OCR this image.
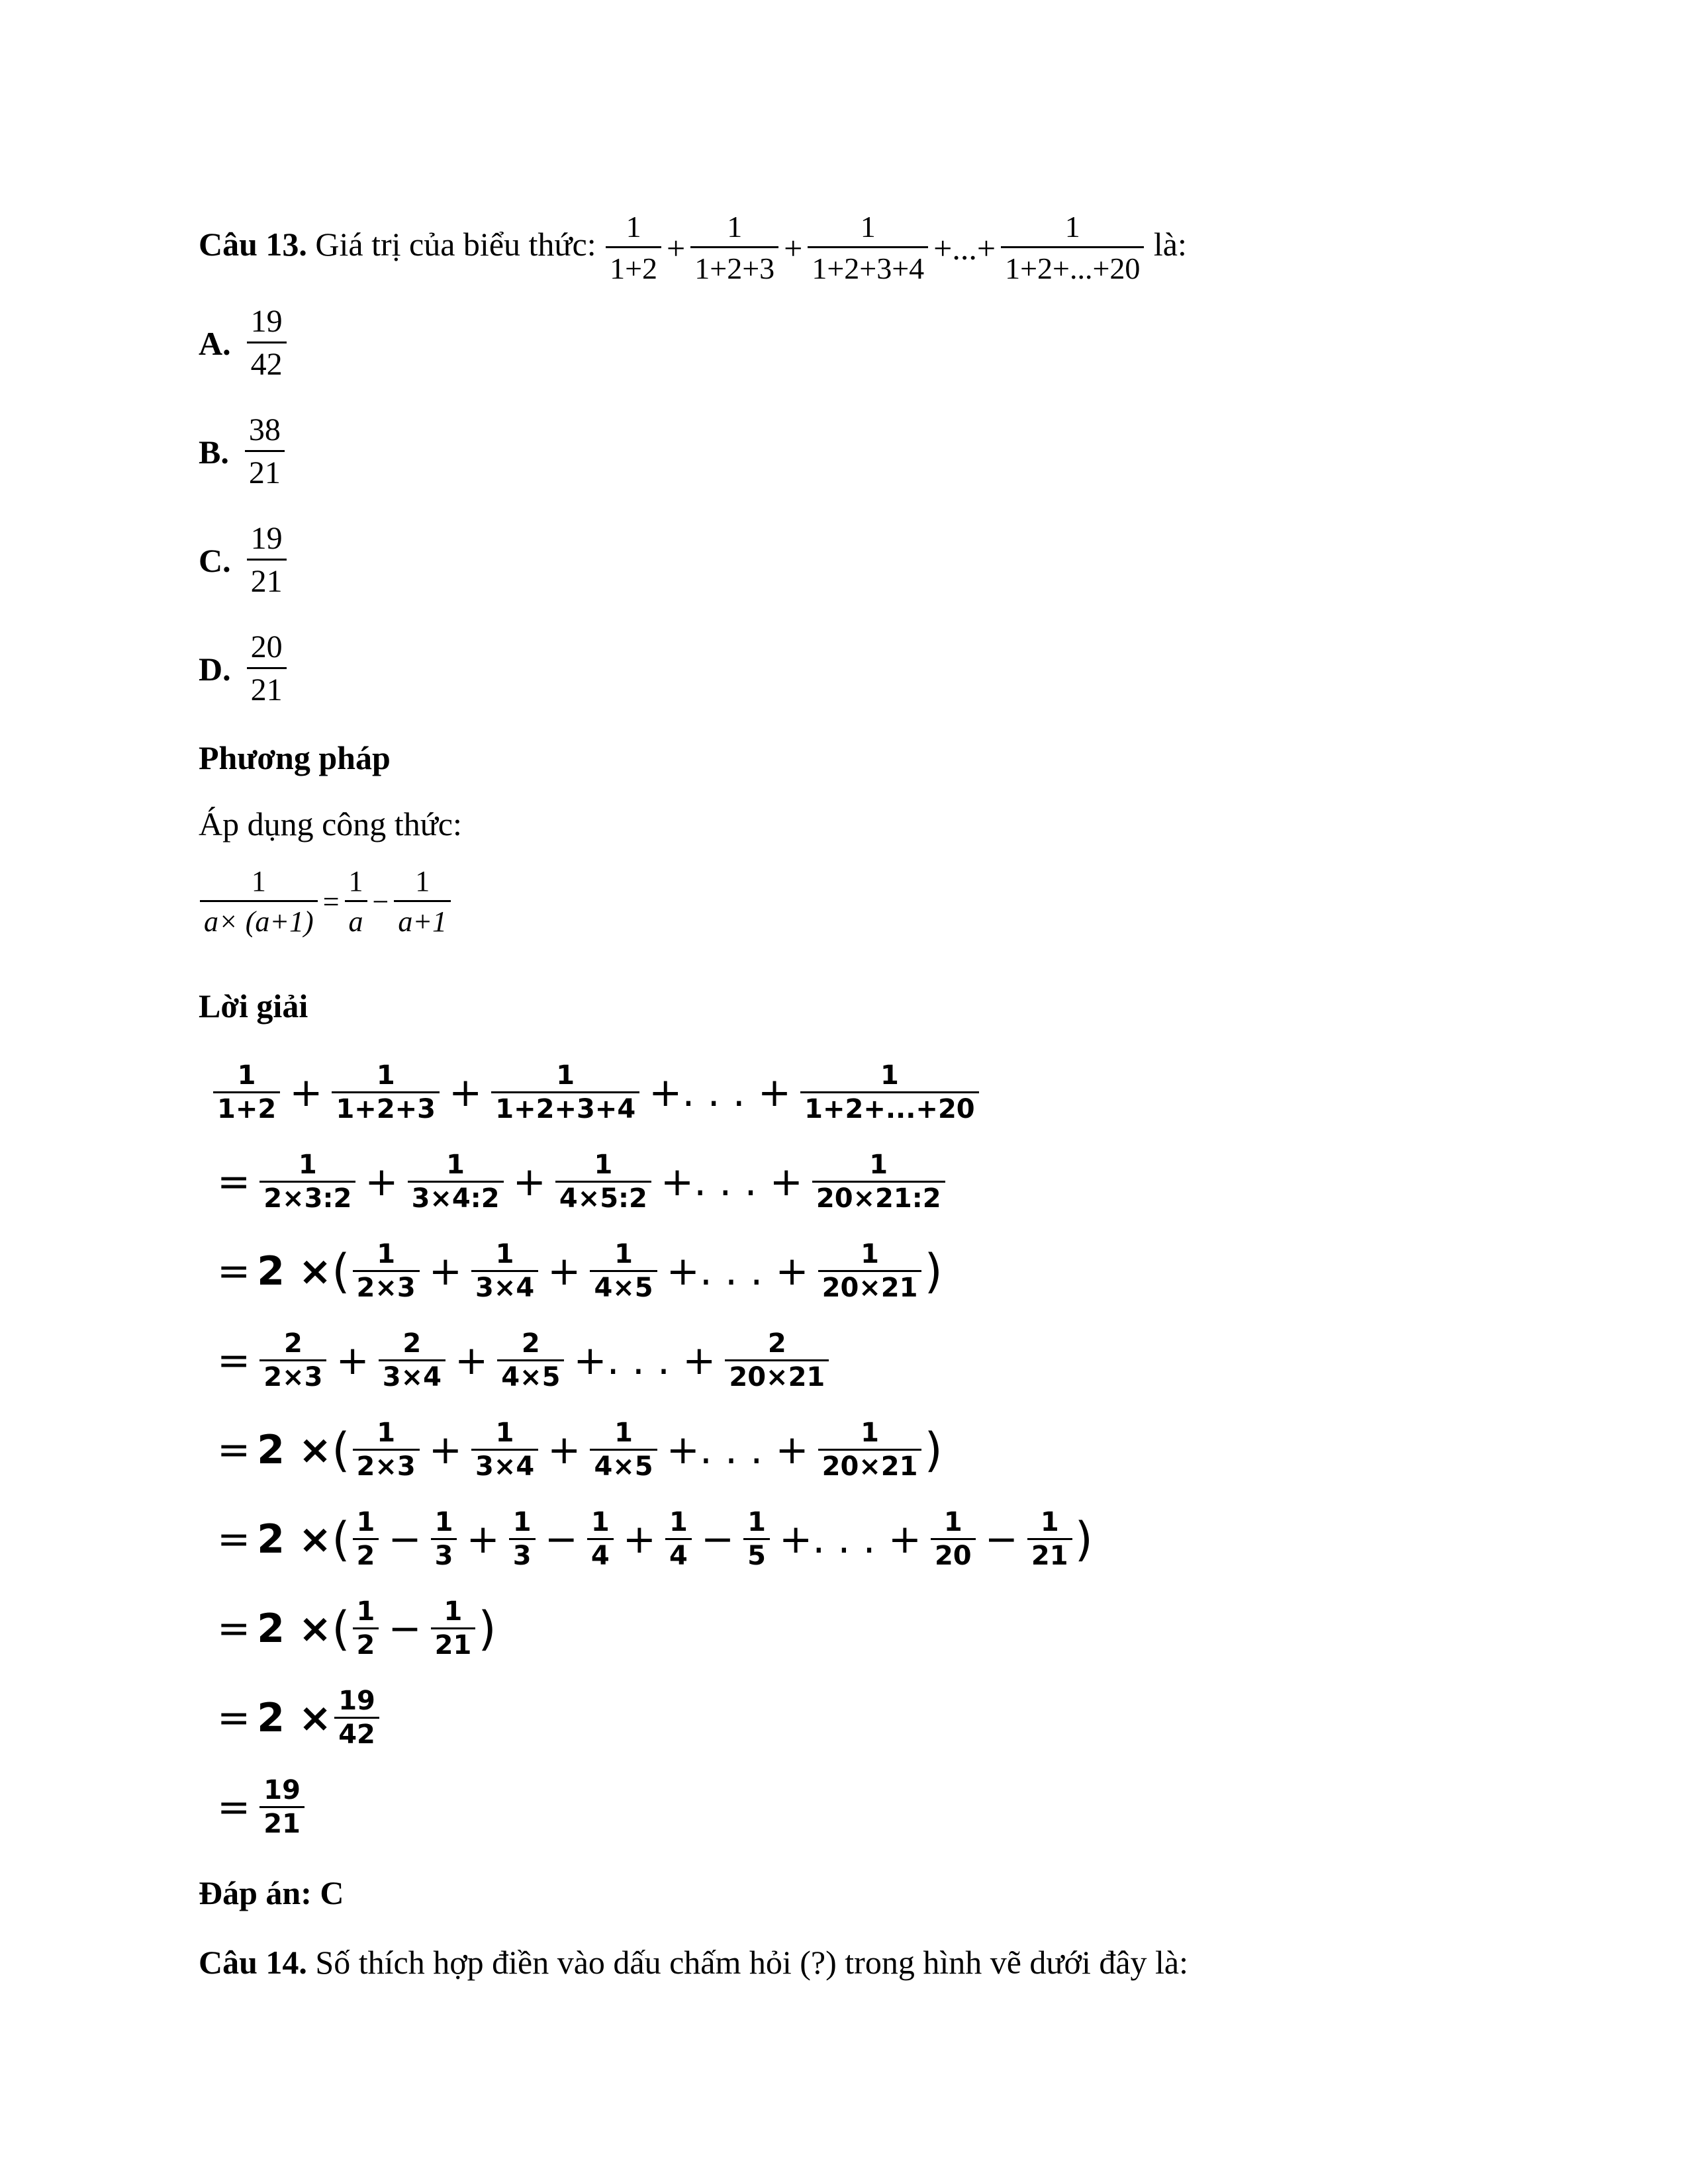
Câu 13. Giá trị của biểu thức: $\frac{1}{1+2} + \frac{1}{1+2+3} + \frac{1}{1+2+3+4}$ +...+ $\frac{1}{1+2+...+20}$ là:
A. $\frac{19}{42}$
B. $\frac{38}{21}$
C. $\frac{19}{21}$
D. $\frac{20}{21}$
Phương pháp
Áp dụng công thức:
$\frac{1}{a\times (a+1)} = \frac{1}{a} - \frac{1}{a+1}$
Lời giải
$\frac{1}{1+2} + \frac{1}{1+2+3} + \frac{1}{1+2+3+4}$ +. . . + $\frac{1}{1+2+...+20}$
= $\frac{1}{2\times 3:2} + \frac{1}{3\times 4:2} + \frac{1}{4\times 5:2}$ +. . . + $\frac{1}{20\times 21:2}$
= 2 × ( $\frac{1}{2\times 3} + \frac{1}{3\times 4} + \frac{1}{4\times 5}$ +. . . + $\frac{1}{20\times 21}$ )
= $\frac{2}{2\times 3} + \frac{2}{3\times 4} + \frac{2}{4\times 5}$ +. . . + $\frac{2}{20\times 21}$
= 2 × ( $\frac{1}{2\times 3} + \frac{1}{3\times 4} + \frac{1}{4\times 5}$ +. . . + $\frac{1}{20\times 21}$ )
= 2 × ( $\frac{1}{2} - \frac{1}{3} + \frac{1}{3} - \frac{1}{4} + \frac{1}{4} - \frac{1}{5}$ +. . . + $\frac{1}{20} - \frac{1}{21}$ )
= 2 × ( $\frac{1}{2} - \frac{1}{21}$ )
= $2 \times \frac{19}{42}$
= $\frac{19}{21}$
Đáp án: C
Câu 14. Số thích hợp điền vào dấu chấm hỏi (?) trong hình vẽ dưới đây là:
